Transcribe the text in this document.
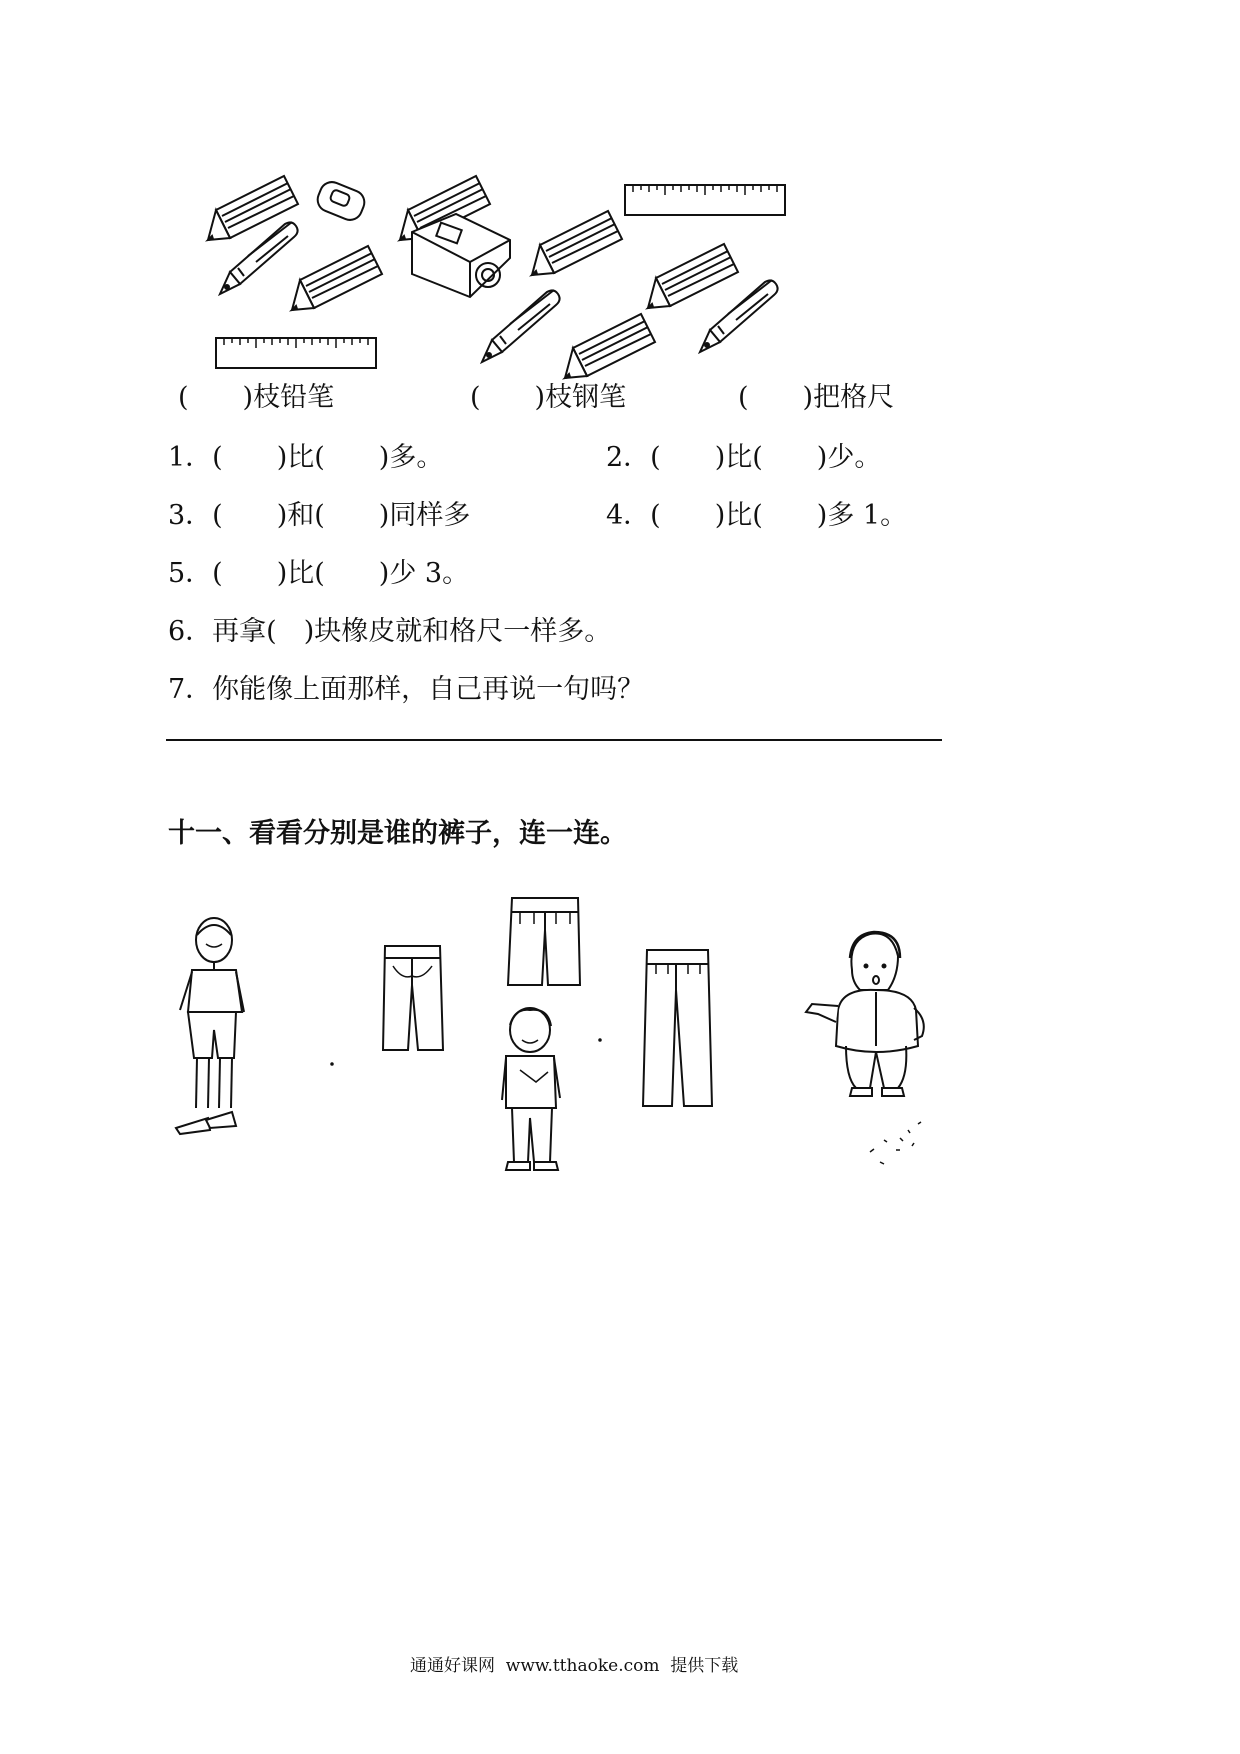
(　　)枝铅笔	(　　)枝钢笔	(　　)把格尺
1．(　　)比(　　)多。	2．(　　)比(　　)少。
3．(　　)和(　　)同样多	4．(　　)比(　　)多 1。
5．(　　)比(　　)少 3。
6．再拿(　)块橡皮就和格尺一样多。
7．你能像上面那样，自己再说一句吗？
十一、看看分别是谁的裤子，连一连。
通通好课网  www.tthaoke.com  提供下载
